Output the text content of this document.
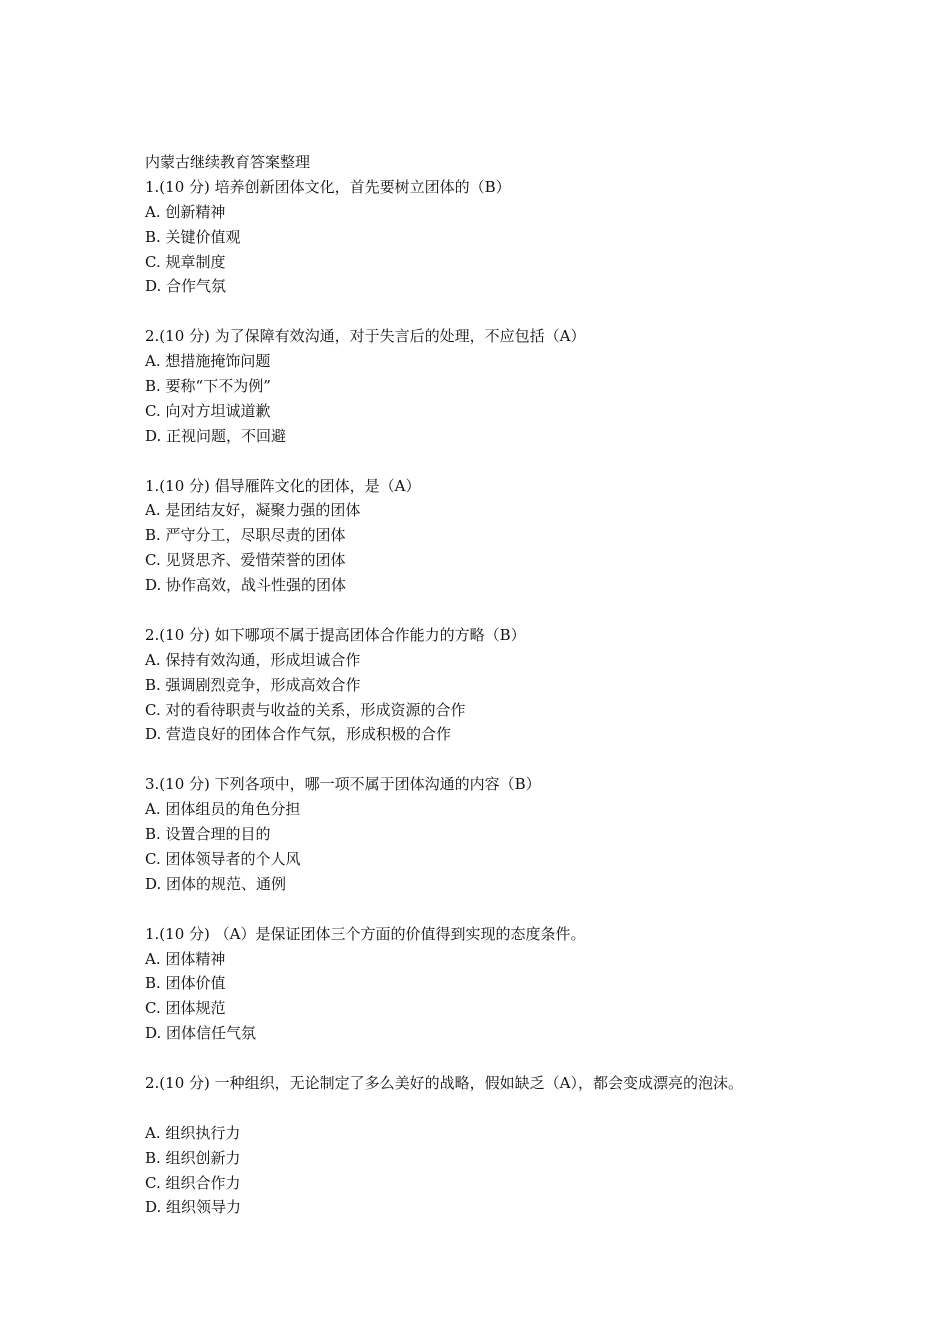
内蒙古继续教育答案整理
1.(10 分) 培养创新团体文化，首先要树立团体的（B）
A. 创新精神
B. 关键价值观
C. 规章制度
D. 合作气氛
2.(10 分) 为了保障有效沟通，对于失言后的处理，不应包括（A）
A. 想措施掩饰问题
B. 要称“下不为例”
C. 向对方坦诚道歉
D. 正视问题，不回避
1.(10 分) 倡导雁阵文化的团体，是（A）
A. 是团结友好，凝聚力强的团体
B. 严守分工，尽职尽责的团体
C. 见贤思齐、爱惜荣誉的团体
D. 协作高效，战斗性强的团体
2.(10 分) 如下哪项不属于提高团体合作能力的方略（B）
A. 保持有效沟通，形成坦诚合作
B. 强调剧烈竞争，形成高效合作
C. 对的看待职责与收益的关系，形成资源的合作
D. 营造良好的团体合作气氛，形成积极的合作
3.(10 分) 下列各项中，哪一项不属于团体沟通的内容（B）
A. 团体组员的角色分担
B. 设置合理的目的
C. 团体领导者的个人风
D. 团体的规范、通例
1.(10 分) （A）是保证团体三个方面的价值得到实现的态度条件。
A. 团体精神
B. 团体价值
C. 团体规范
D. 团体信任气氛
2.(10 分) 一种组织，无论制定了多么美好的战略，假如缺乏（A），都会变成漂亮的泡沫。
A. 组织执行力
B. 组织创新力
C. 组织合作力
D. 组织领导力
